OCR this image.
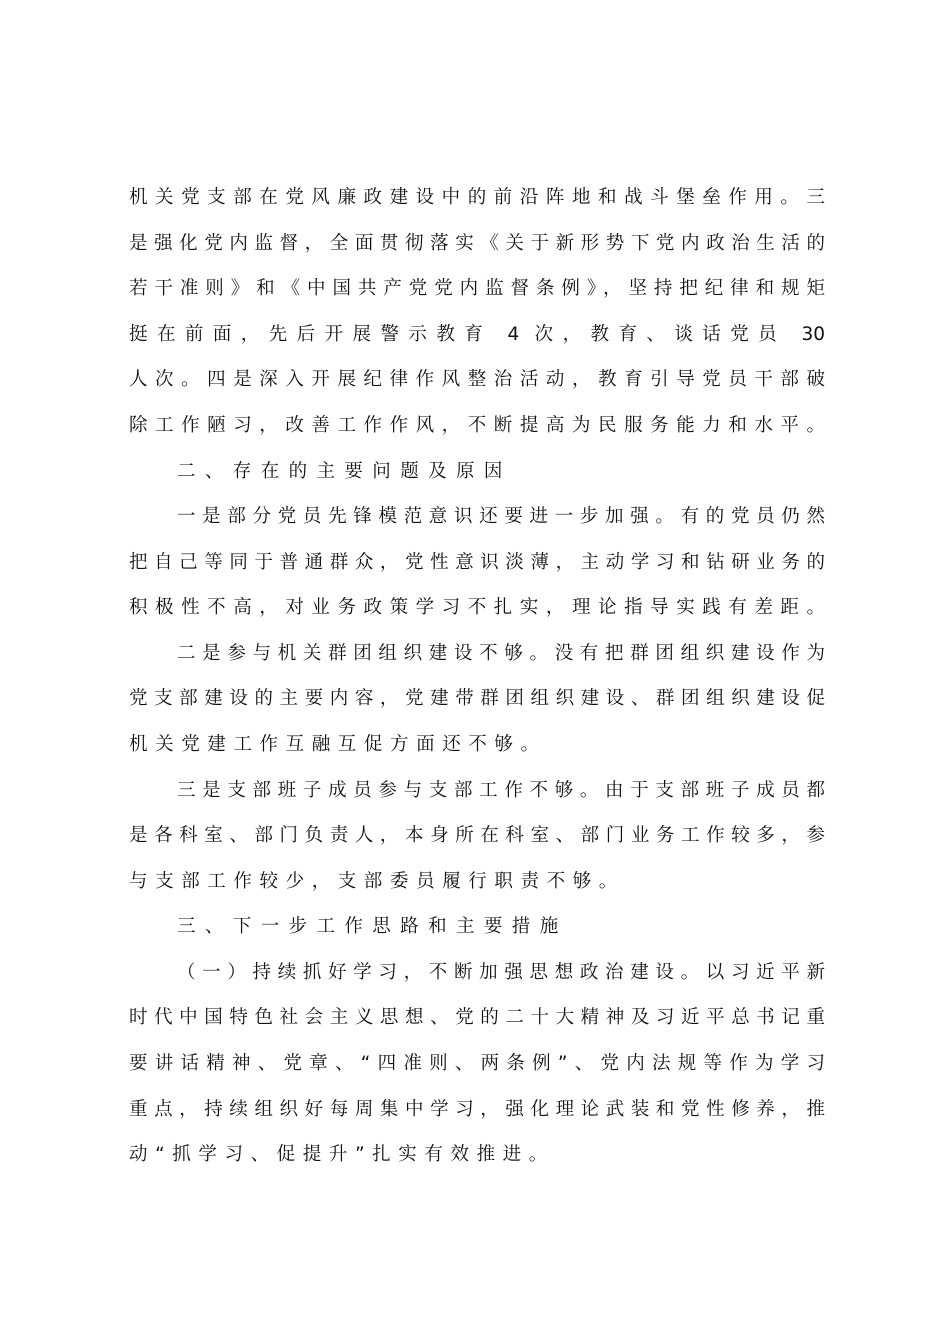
机关党支部在党风廉政建设中的前沿阵地和战斗堡垒作用。三
是强化党内监督，全面贯彻落实《关于新形势下党内政治生活的
若干准则》和《中国共产党党内监督条例》，坚持把纪律和规矩
挺在前面，先后开展警示教育 4 次，教育、谈话党员 30
人次。四是深入开展纪律作风整治活动，教育引导党员干部破
除工作陋习，改善工作作风，不断提高为民服务能力和水平。
二、存在的主要问题及原因
一是部分党员先锋模范意识还要进一步加强。有的党员仍然
把自己等同于普通群众，党性意识淡薄，主动学习和钻研业务的
积极性不高，对业务政策学习不扎实，理论指导实践有差距。
二是参与机关群团组织建设不够。没有把群团组织建设作为
党支部建设的主要内容，党建带群团组织建设、群团组织建设促
机关党建工作互融互促方面还不够。
三是支部班子成员参与支部工作不够。由于支部班子成员都
是各科室、部门负责人，本身所在科室、部门业务工作较多，参
与支部工作较少，支部委员履行职责不够。
三、下一步工作思路和主要措施
（一）持续抓好学习，不断加强思想政治建设。以习近平新
时代中国特色社会主义思想、党的二十大精神及习近平总书记重
要讲话精神、党章、“四准则、两条例”、党内法规等作为学习
重点，持续组织好每周集中学习，强化理论武装和党性修养，推
动“抓学习、促提升”扎实有效推进。
